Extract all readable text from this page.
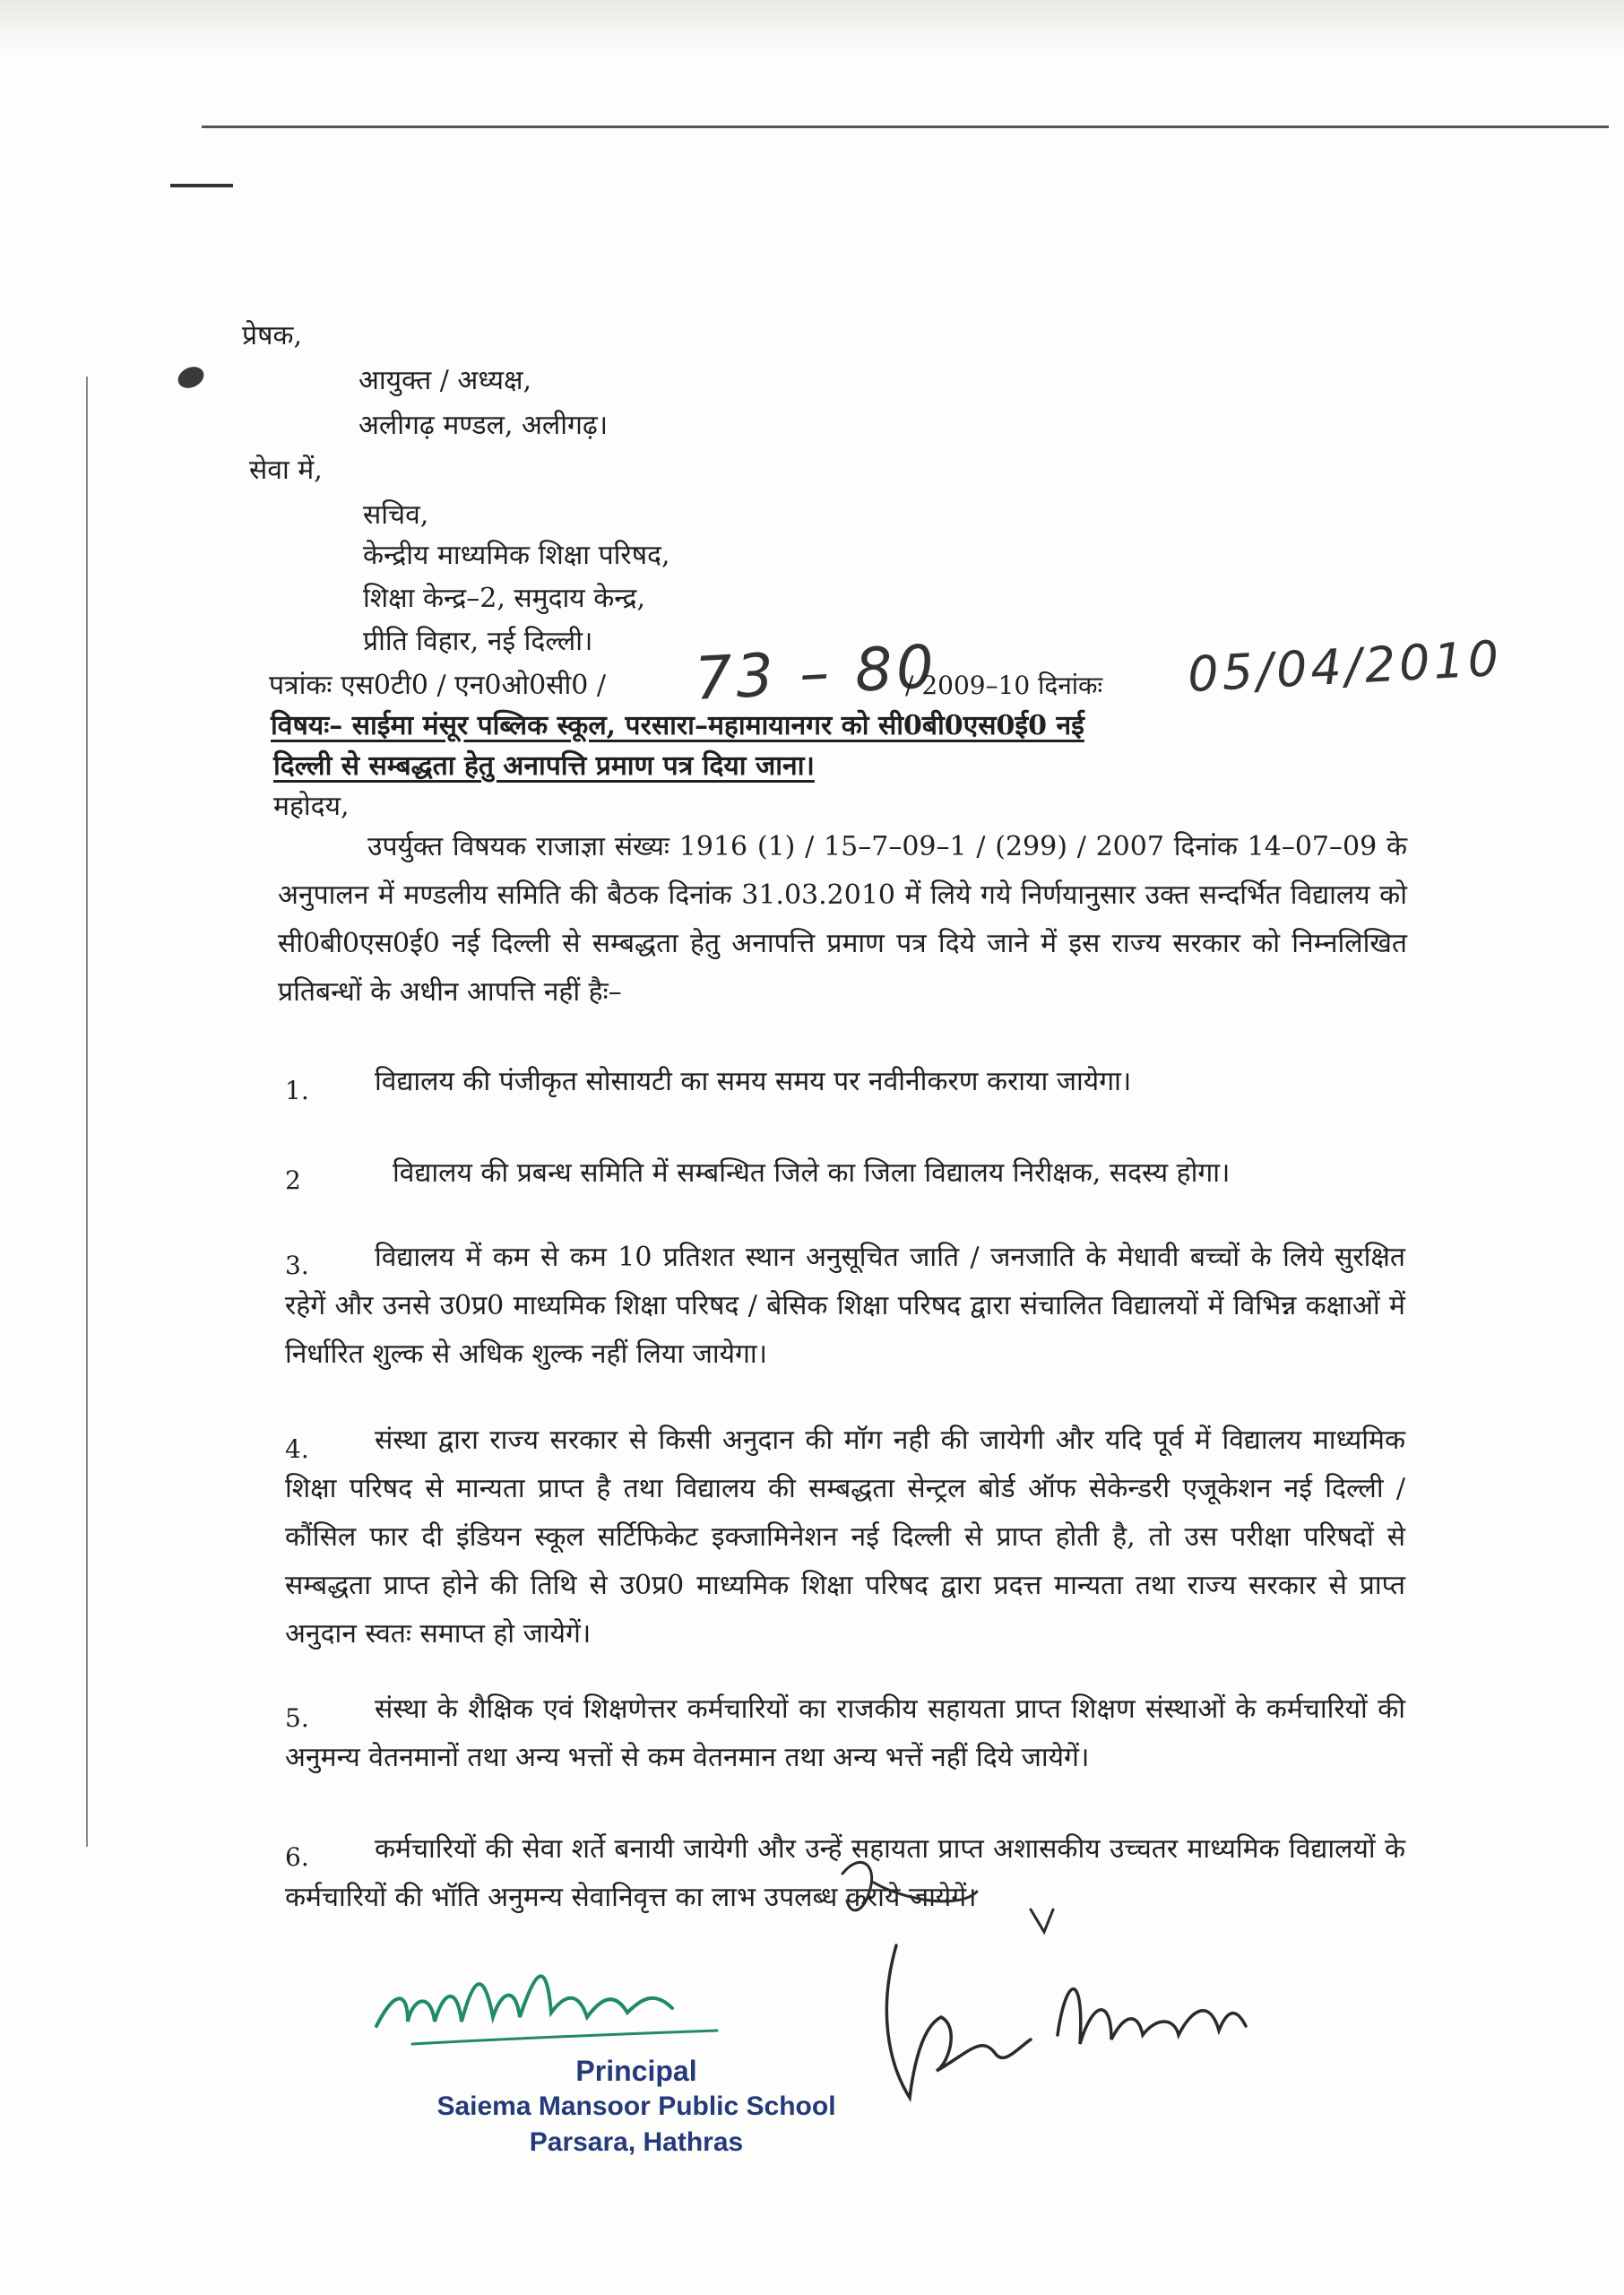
प्रेषक,
आयुक्त / अध्यक्ष,
अलीगढ़ मण्डल, अलीगढ़।
सेवा में,
सचिव,
केन्द्रीय माध्यमिक शिक्षा परिषद,
शिक्षा केन्द्र–2, समुदाय केन्द्र,
प्रीति विहार, नई दिल्ली।
पत्रांकः एस0टी0 / एन0ओ0सी0 / 73 – 80
/ 2009–10 दिनांकः 05/04/2010
विषयः– साईमा मंसूर पब्लिक स्कूल, परसारा–महामायानगर को सी0बी0एस0ई0 नई
दिल्ली से सम्बद्धता हेतु अनापत्ति प्रमाण पत्र दिया जाना।
महोदय,
उपर्युक्त विषयक राजाज्ञा संख्यः 1916 (1) / 15–7–09–1 / (299) / 2007 दिनांक 14–07–09 के अनुपालन में मण्डलीय समिति की बैठक दिनांक 31.03.2010 में लिये गये निर्णयानुसार उक्त सन्दर्भित विद्यालय को सी0बी0एस0ई0 नई दिल्ली से सम्बद्धता हेतु अनापत्ति प्रमाण पत्र दिये जाने में इस राज्य सरकार को निम्नलिखित प्रतिबन्धों के अधीन आपत्ति नहीं हैः–
1.	विद्यालय की पंजीकृत सोसायटी का समय समय पर नवीनीकरण कराया जायेगा।
2	विद्यालय की प्रबन्ध समिति में सम्बन्धित जिले का जिला विद्यालय निरीक्षक, सदस्य होगा।
3.	विद्यालय में कम से कम 10 प्रतिशत स्थान अनुसूचित जाति / जनजाति के मेधावी बच्चों के लिये सुरक्षित रहेगें और उनसे उ0प्र0 माध्यमिक शिक्षा परिषद / बेसिक शिक्षा परिषद द्वारा संचालित विद्यालयों में विभिन्न कक्षाओं में निर्धारित शुल्क से अधिक शुल्क नहीं लिया जायेगा।
4.	संस्था द्वारा राज्य सरकार से किसी अनुदान की मॉग नही की जायेगी और यदि पूर्व में विद्यालय माध्यमिक शिक्षा परिषद से मान्यता प्राप्त है तथा विद्यालय की सम्बद्धता सेन्ट्रल बोर्ड ऑफ सेकेन्डरी एजूकेशन नई दिल्ली / कौंसिल फार दी इंडियन स्कूल सर्टिफिकेट इक्जामिनेशन नई दिल्ली से प्राप्त होती है, तो उस परीक्षा परिषदों से सम्बद्धता प्राप्त होने की तिथि से उ0प्र0 माध्यमिक शिक्षा परिषद द्वारा प्रदत्त मान्यता तथा राज्य सरकार से प्राप्त अनुदान स्वतः समाप्त हो जायेगें।
5.	संस्था के शैक्षिक एवं शिक्षणेत्तर कर्मचारियों का राजकीय सहायता प्राप्त शिक्षण संस्थाओं के कर्मचारियों की अनुमन्य वेतनमानों तथा अन्य भत्तों से कम वेतनमान तथा अन्य भत्तें नहीं दिये जायेगें।
6.	कर्मचारियों की सेवा शर्ते बनायी जायेगी और उन्हें सहायता प्राप्त अशासकीय उच्चतर माध्यमिक विद्यालयों के कर्मचारियों की भॉति अनुमन्य सेवानिवृत्त का लाभ उपलब्ध कराये जायेगें।
Principal
Saiema Mansoor Public School
Parsara, Hathras
